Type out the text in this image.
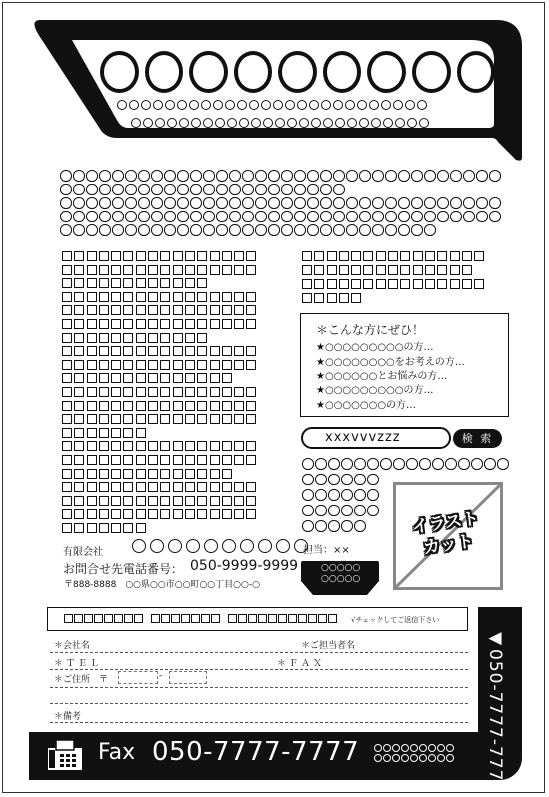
＊こんな方にぜひ！
★○○○○○○○○○の方…
★○○○○○○○○をお考えの方…
★○○○○○○とお悩みの方…
★○○○○○○○○○の方…
★○○○○○○○の方…
xxxvvvzzz	検 索
イラスト
カット
有限会社
お問合せ先電話番号： 050-9999-9999
〒888-8888　○○県○○市○○町○○丁目○○-○
担当：××
○○○○○
○○○○○
◀050-7777-7777
√チェックしてご返信下さい
＊会社名	＊ご担当者名
＊ＴＥＬ	＊ＦＡＸ
＊ご住所　〒	-
＊備考
Fax 050-7777-7777
